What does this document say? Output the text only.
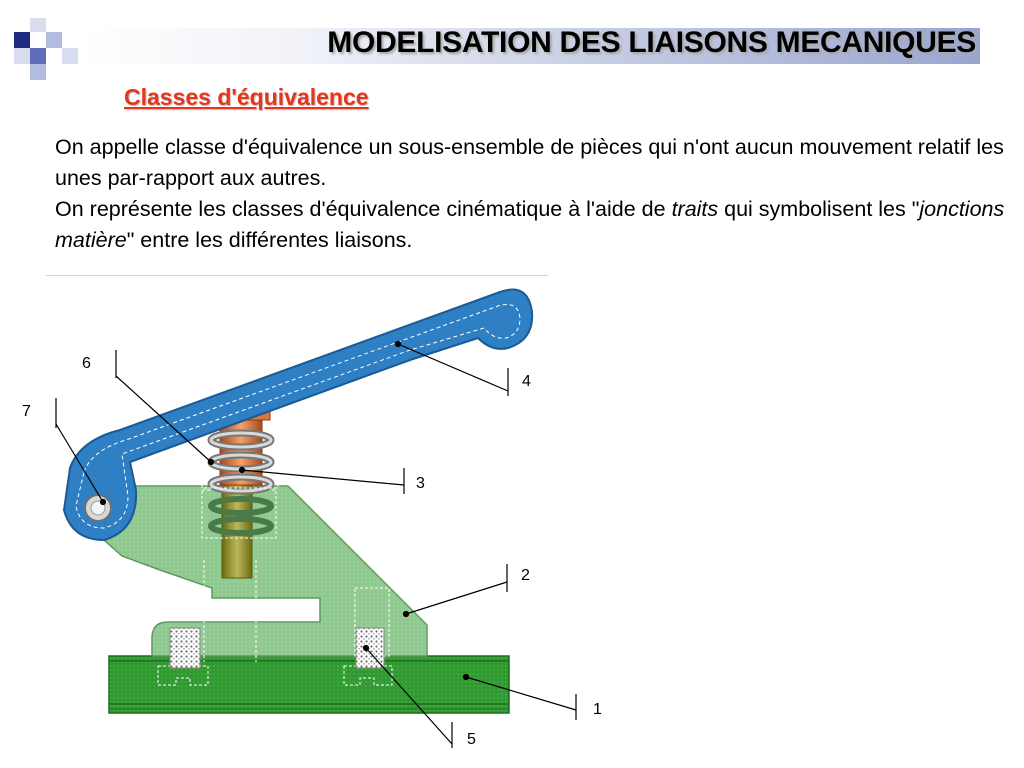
MODELISATION DES LIAISONS MECANIQUES
Classes d'équivalence

On appelle classe d'équivalence un sous-ensemble de pièces qui n'ont aucun mouvement relatif les unes par-rapport aux autres.

On représente les classes d'équivalence cinématique à l'aide de traits qui symbolisent les "jonctions matière" entre les différentes liaisons.

1
2
3
4
5
6
7
